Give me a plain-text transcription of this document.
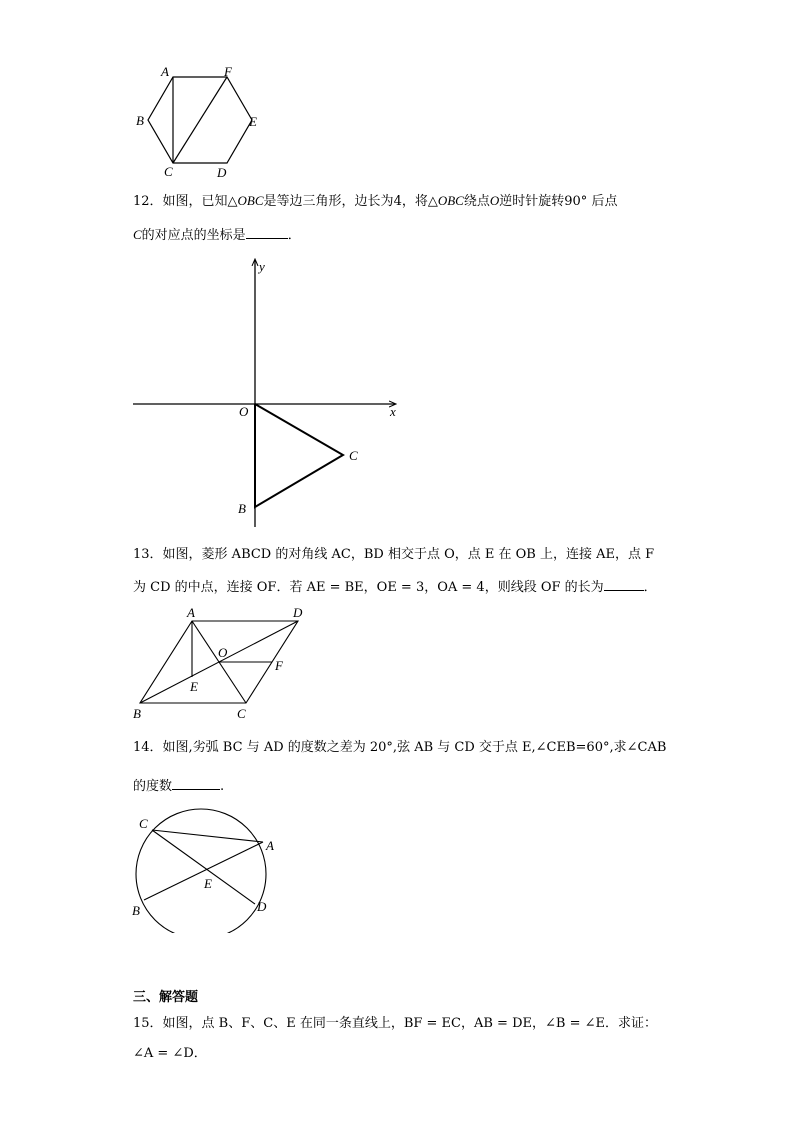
A	F
B	E
C	D
12．如图，已知△OBC是等边三角形，边长为4，将△OBC绕点O逆时针旋转90° 后点
C的对应点的坐标是	．
y
x
O
C
B
13．如图，菱形 ABCD 的对角线 AC，BD 相交于点 O，点 E 在 OB 上，连接 AE，点 F
为 CD 的中点，连接 OF．若 AE = BE，OE = 3，OA = 4，则线段 OF 的长为	．
A	D
O
F
E
B	C
14．如图,劣弧 BC 与 AD 的度数之差为 20°,弦 AB 与 CD 交于点 E,∠CEB=60°,求∠CAB
的度数	.
C
A
E
B	D
三、解答题
15．如图，点 B、F、C、E 在同一条直线上，BF = EC，AB = DE，∠B = ∠E．求证：
∠A = ∠D．
